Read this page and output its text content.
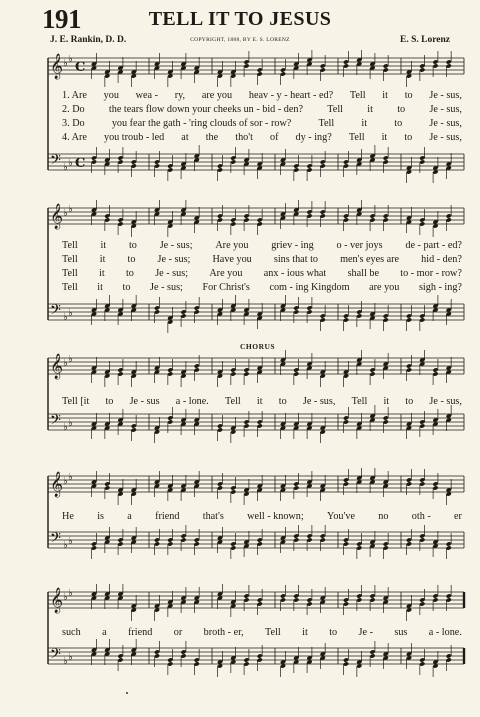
191	TELL IT TO JESUS
J. E. Rankin, D. D.	COPYRIGHT, 1888, BY E. S. LORENZ	E. S. Lorenz
𝄞 ♭ ♭
C
𝄢 ♭ ♭ C
1. Are you wea - ry, are you heav - y - heart - ed? Tell it to Je - sus,
2. Do the tears flow down your cheeks un - bid - den? Tell it to Je - sus,
3. Do	you fear the gath - 'ring clouds of sor - row?	Tell	it	to	Je - sus,
4. Are you troub - led at the tho't of dy - ing? Tell it to Je - sus,
𝄞 ♭ ♭
𝄢 ♭ ♭
Tell it to Je - sus; Are you griev - ing o - ver joys de - part - ed?
Tell it to Je - sus; Have you sins that to men's eyes are hid - den?
Tell it to Je - sus; Are you anx - ious what shall be to - mor - row?
Tell it to Je - sus; For Christ's com - ing Kingdom are you sigh - ing?
CHORUS
𝄞 ♭ ♭
𝄢 ♭ ♭
Tell [it to Je - sus a - lone. Tell it to Je - sus, Tell it to Je - sus,
𝄞 ♭ ♭
𝄢 ♭ ♭
He is a friend that's well - known; You've no oth - er
𝄞 ♭ ♭
𝄢 ♭ ♭
such a friend or broth - er, Tell it to Je - sus a - lone.
